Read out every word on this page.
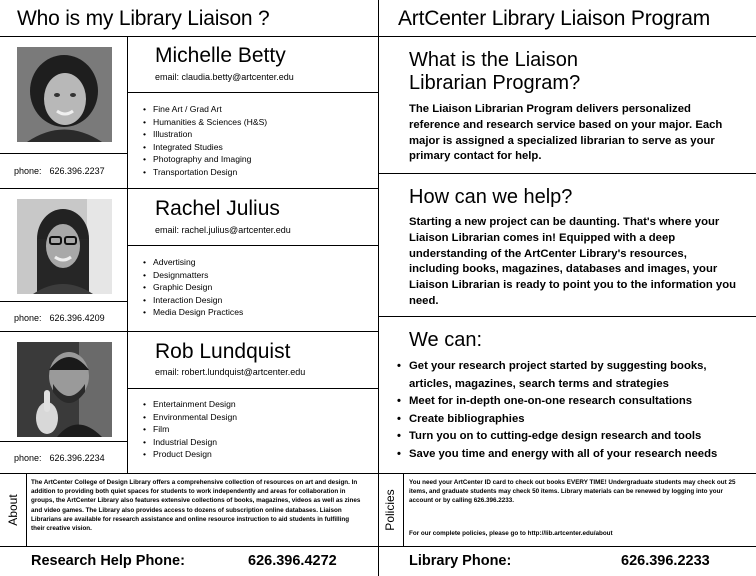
Who is my Library Liaison ?	ArtCenter Library Liaison Program
Michelle Betty
email: claudia.betty@artcenter.edu
• Fine Art / Grad Art
• Humanities & Sciences (H&S)
• Illustration
• Integrated Studies
• Photography and Imaging
• Transportation Design
phone: 626.396.2237
Rachel Julius
email: rachel.julius@artcenter.edu
• Advertising
• Designmatters
• Graphic Design
• Interaction Design
• Media Design Practices
phone: 626.396.4209
Rob Lundquist
email: robert.lundquist@artcenter.edu
• Entertainment Design
• Environmental Design
• Film
• Industrial Design
• Product Design
phone: 626.396.2234
What is the Liaison Librarian Program?
The Liaison Librarian Program delivers personalized reference and research service based on your major. Each major is assigned a specialized librarian to serve as your primary contact for help.
How can we help?
Starting a new project can be daunting. That's where your Liaison Librarian comes in! Equipped with a deep understanding of the ArtCenter Library's resources, including books, magazines, databases and images, your Liaison Librarian is ready to point you to the information you need.
We can:
• Get your research project started by suggesting books, articles, magazines, search terms and strategies
• Meet for in-depth one-on-one research consultations
• Create bibliographies
• Turn you on to cutting-edge design research and tools
• Save you time and energy with all of your research needs
About
The ArtCenter College of Design Library offers a comprehensive collection of resources on art and design. In addition to providing both quiet spaces for students to work independently and areas for collaboration in groups, the ArtCenter Library also features extensive collections of books, magazines, videos as well as zines and video games. The Library also provides access to dozens of subscription online databases. Liaison Librarians are available for research assistance and online resource instruction to aid students in fulfilling their creative vision.	Policies
You need your ArtCenter ID card to check out books EVERY TIME! Undergraduate students may check out 25 items, and graduate students may check 50 items. Library materials can be renewed by logging into your account or by calling 626.396.2233.
For our complete policies, please go to http://lib.artcenter.edu/about
Research Help Phone:	626.396.4272	Library Phone:	626.396.2233
